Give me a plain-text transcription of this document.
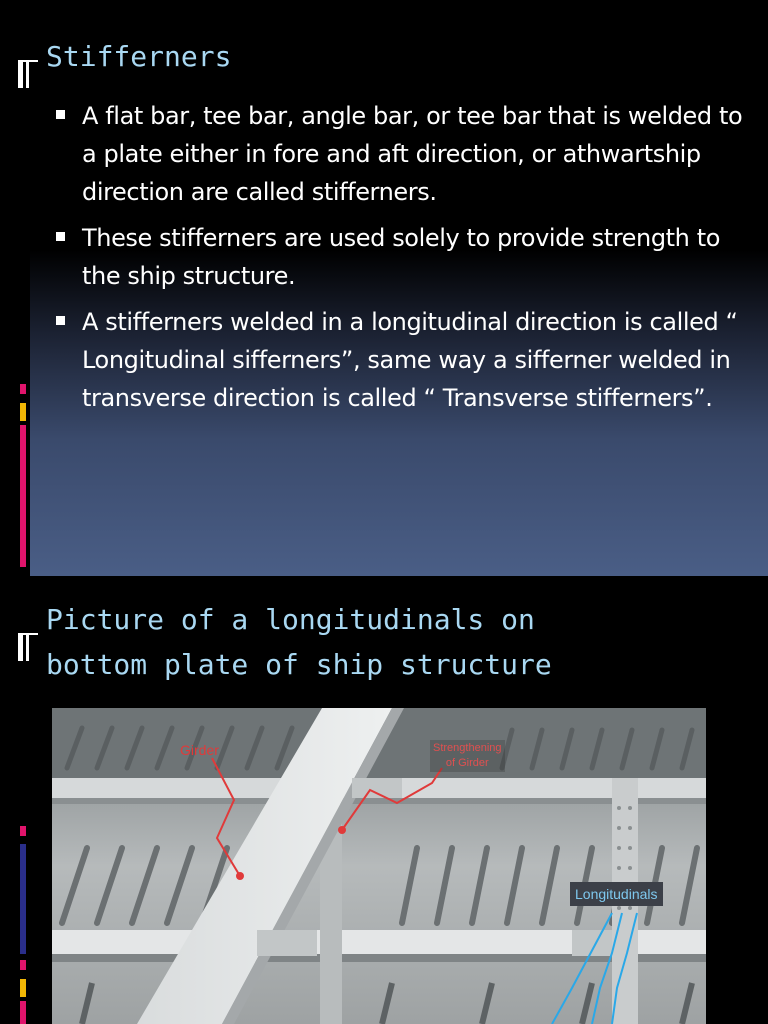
Stifferners
A flat bar, tee bar, angle bar, or tee bar that is welded to a plate either in fore and aft direction, or athwartship direction are called stifferners.
These stifferners are used solely to provide strength to the ship structure.
A stifferners welded in a longitudinal direction is called “ Longitudinal sifferners”, same way a sifferner welded in transverse direction is called “ Transverse stifferners”.
Picture of a longitudinals on
bottom plate of ship structure
Girder	Strengthening
of Girder
Longitudinals
